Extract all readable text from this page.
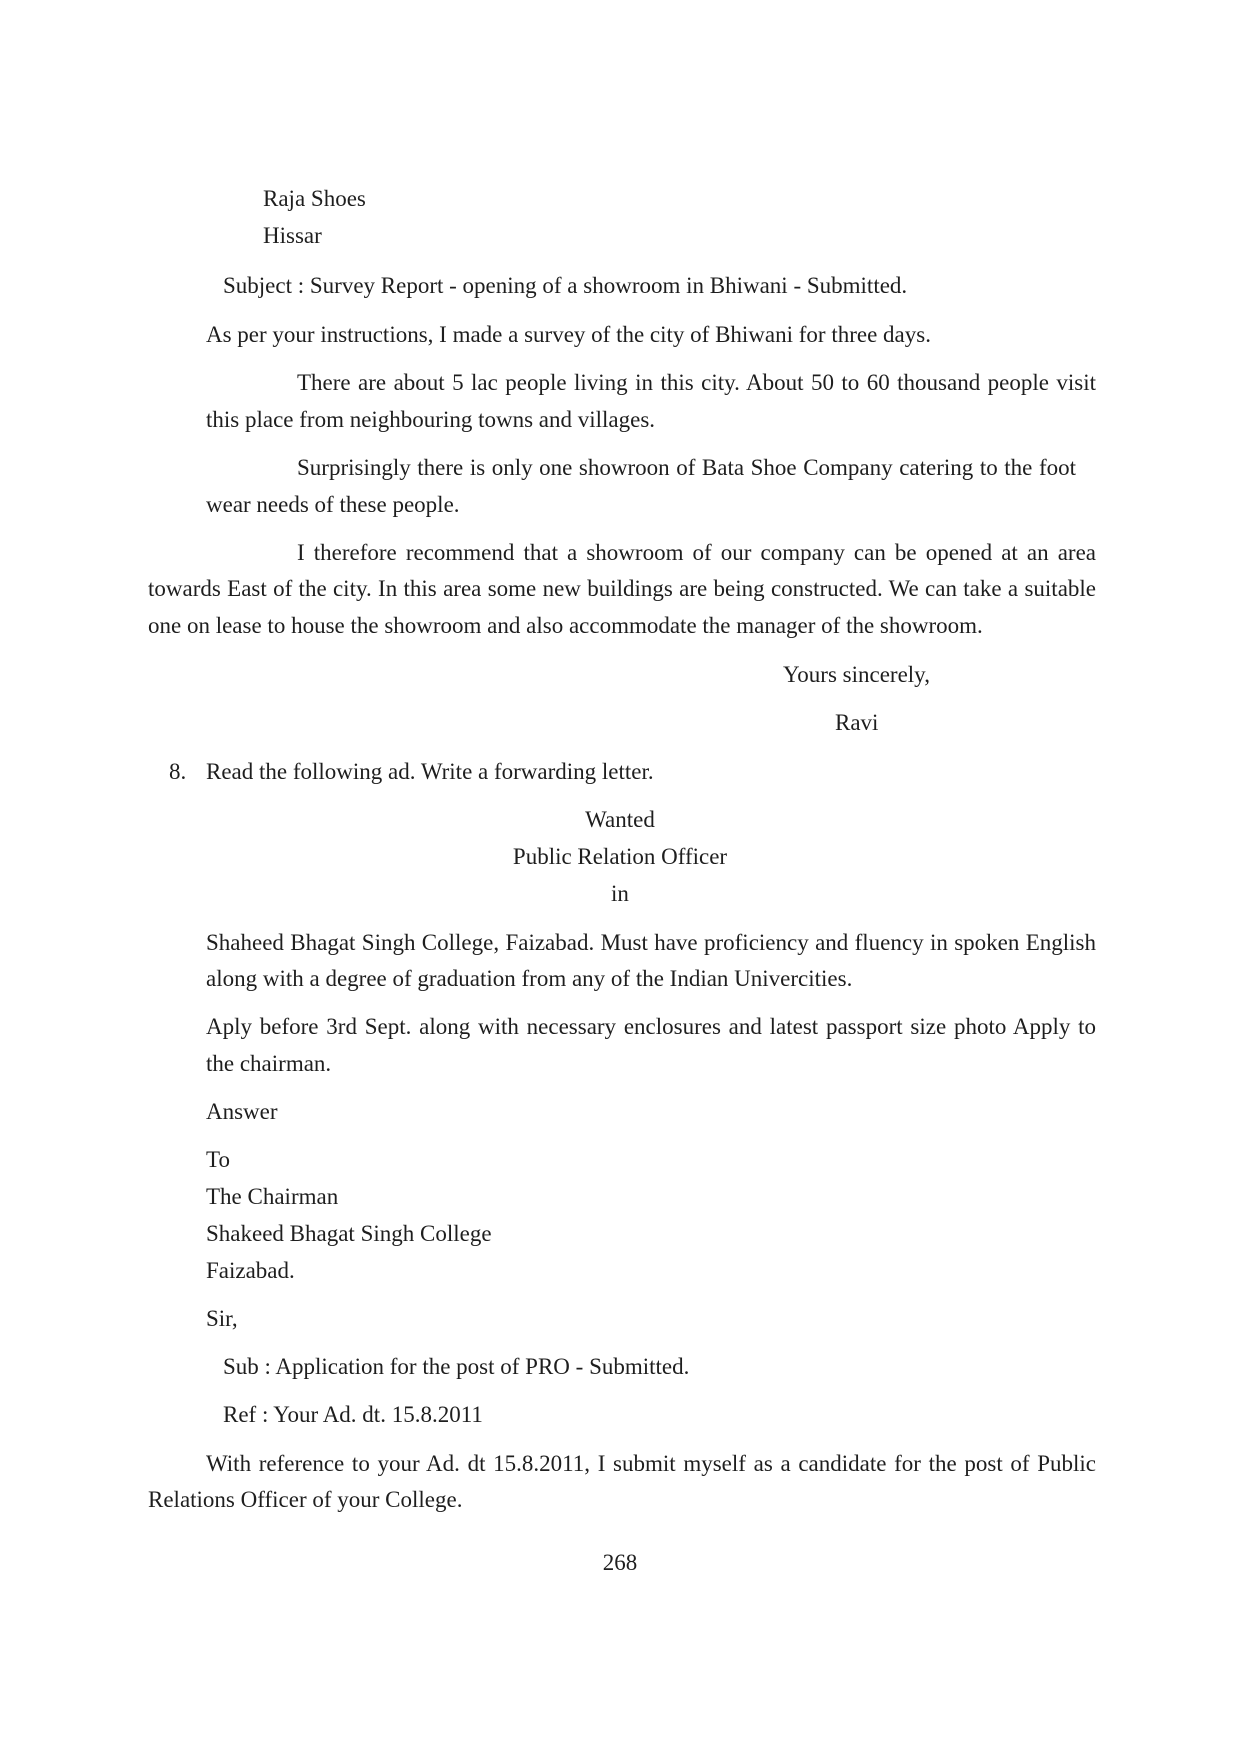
Raja Shoes
Hissar
Subject : Survey Report - opening of a showroom in Bhiwani - Submitted.
As per your instructions, I made a survey of the city of Bhiwani for three days.
There are about 5 lac people living in this city. About 50 to 60 thousand people visit
this place from neighbouring towns and villages.
Surprisingly there is only one showroon of Bata Shoe Company catering to the foot
wear needs of these people.
I therefore recommend that a showroom of our company can be opened at an area
towards East of the city. In this area some new buildings are being constructed. We can take a suitable
one on lease to house the showroom and also accommodate the manager of the showroom.
Yours sincerely,
Ravi
8. Read the following ad. Write a forwarding letter.
Wanted
Public Relation Officer
in
Shaheed Bhagat Singh College, Faizabad. Must have proficiency and fluency in spoken English
along with a degree of graduation from any of the Indian Univercities.
Aply before 3rd Sept. along with necessary enclosures and latest passport size photo Apply to
the chairman.
Answer
To
The Chairman
Shakeed Bhagat Singh College
Faizabad.
Sir,
Sub : Application for the post of PRO - Submitted.
Ref : Your Ad. dt. 15.8.2011
With reference to your Ad. dt 15.8.2011, I submit myself as a candidate for the post of Public
Relations Officer of your College.
268
